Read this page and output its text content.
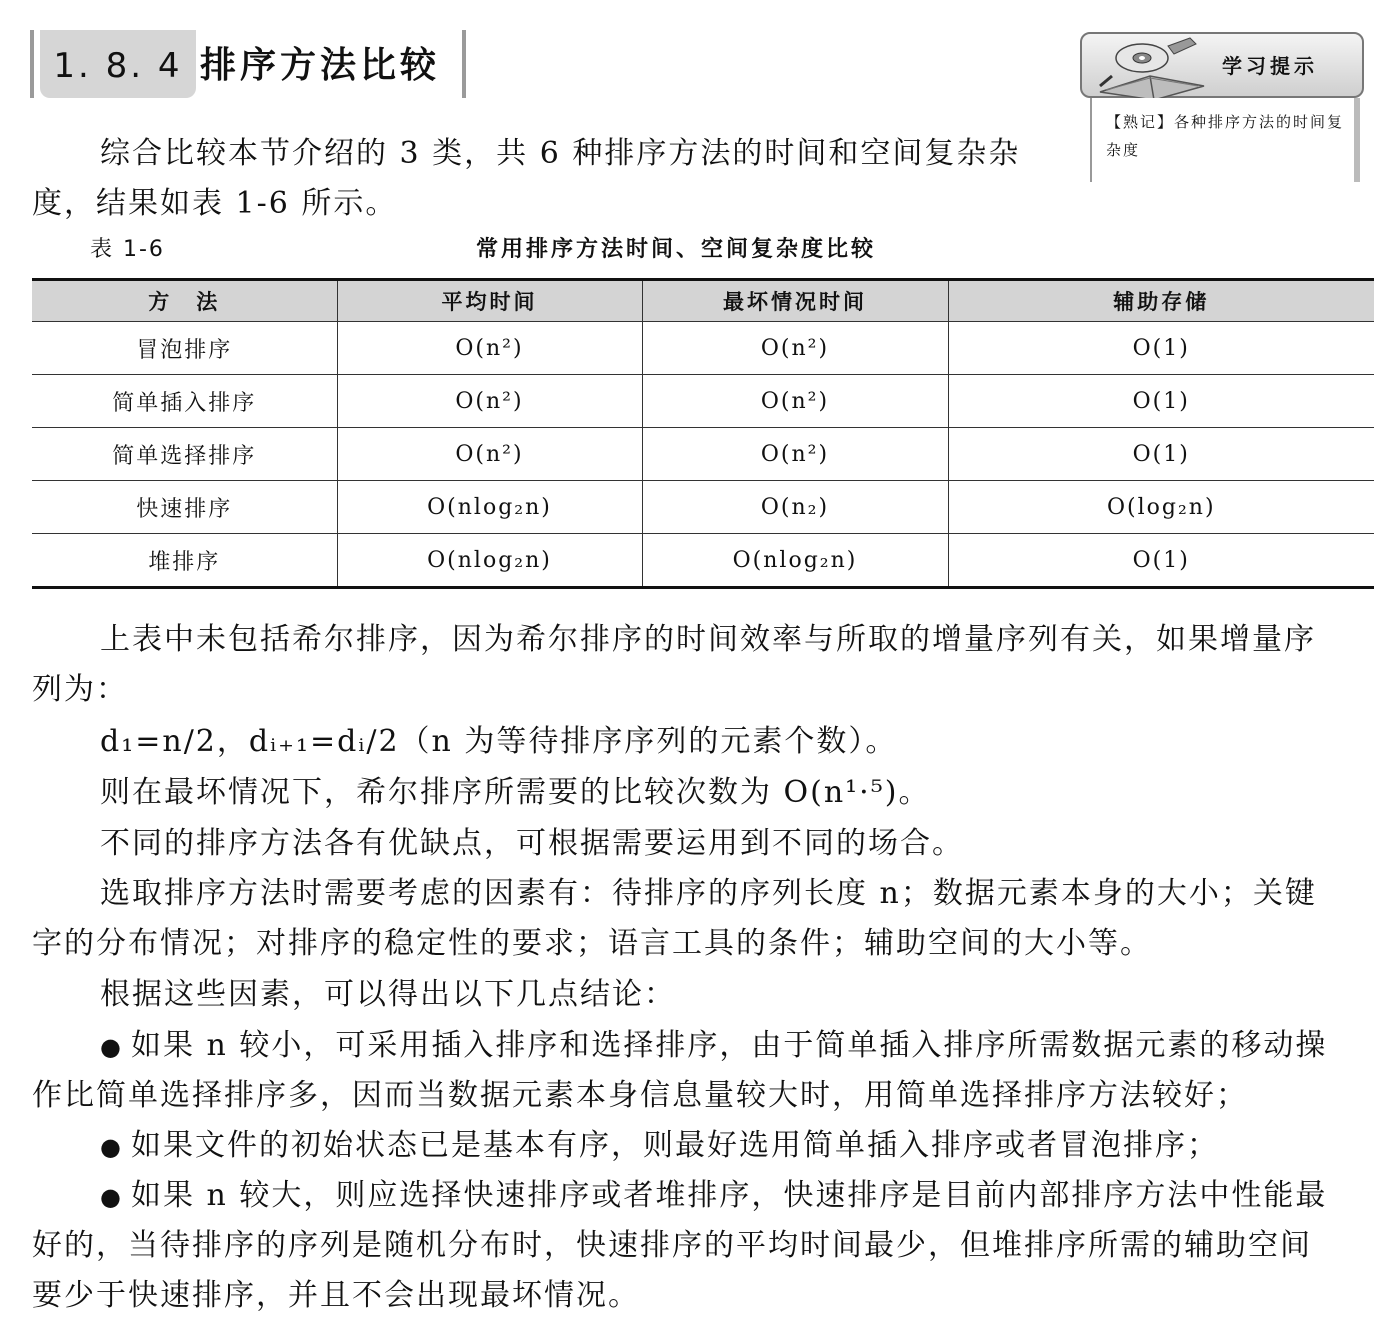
1. 8. 4 排序方法比较	学习提示
【熟记】各种排序方法的时间复杂度
综合比较本节介绍的 3 类，共 6 种排序方法的时间和空间复杂杂
度，结果如表 1-6 所示。
表 1-6	常用排序方法时间、空间复杂度比较
方　法	平均时间	最坏情况时间	辅助存储
冒泡排序	O(n²)	O(n²)	O(1)
简单插入排序	O(n²)	O(n²)	O(1)
简单选择排序	O(n²)	O(n²)	O(1)
快速排序	O(nlog₂n)	O(n₂)	O(log₂n)
堆排序	O(nlog₂n)	O(nlog₂n)	O(1)
上表中未包括希尔排序，因为希尔排序的时间效率与所取的增量序列有关，如果增量序
列为：
d₁=n/2，dᵢ₊₁=dᵢ/2（n 为等待排序序列的元素个数）。
则在最坏情况下，希尔排序所需要的比较次数为 O(n¹·⁵)。
不同的排序方法各有优缺点，可根据需要运用到不同的场合。
选取排序方法时需要考虑的因素有：待排序的序列长度 n；数据元素本身的大小；关键
字的分布情况；对排序的稳定性的要求；语言工具的条件；辅助空间的大小等。
根据这些因素，可以得出以下几点结论：
● 如果 n 较小，可采用插入排序和选择排序，由于简单插入排序所需数据元素的移动操
作比简单选择排序多，因而当数据元素本身信息量较大时，用简单选择排序方法较好；
● 如果文件的初始状态已是基本有序，则最好选用简单插入排序或者冒泡排序；
● 如果 n 较大，则应选择快速排序或者堆排序，快速排序是目前内部排序方法中性能最
好的，当待排序的序列是随机分布时，快速排序的平均时间最少，但堆排序所需的辅助空间
要少于快速排序，并且不会出现最坏情况。
